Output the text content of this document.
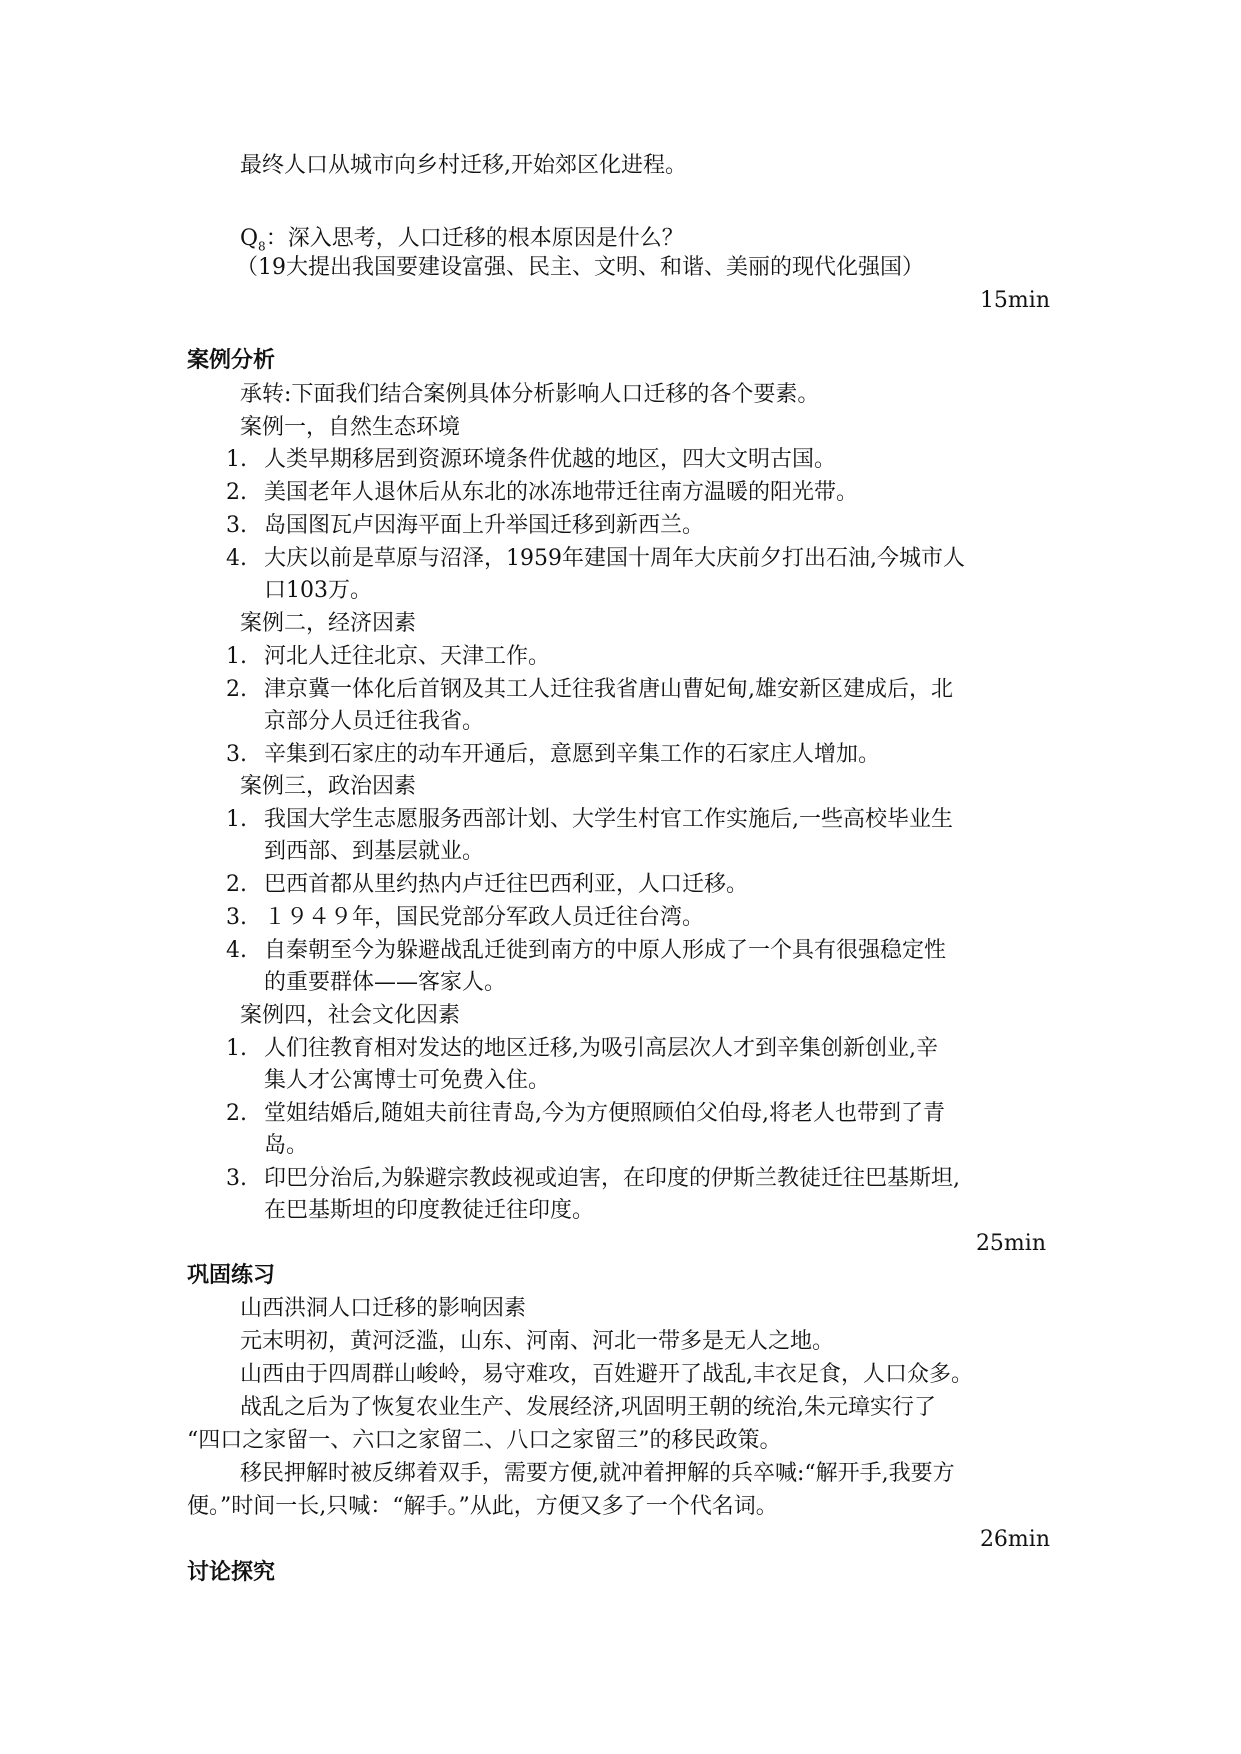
最终人口从城市向乡村迁移,开始郊区化进程。
$Q_8$：深入思考，人口迁移的根本原因是什么？
（19大提出我国要建设富强、民主、文明、和谐、美丽的现代化强国）
15min
案例分析
承转:下面我们结合案例具体分析影响人口迁移的各个要素。
案例一，自然生态环境
1. 人类早期移居到资源环境条件优越的地区，四大文明古国。
2. 美国老年人退休后从东北的冰冻地带迁往南方温暖的阳光带。
3. 岛国图瓦卢因海平面上升举国迁移到新西兰。
4. 大庆以前是草原与沼泽，1959年建国十周年大庆前夕打出石油,今城市人
口103万。
案例二，经济因素
1. 河北人迁往北京、天津工作。
2. 津京冀一体化后首钢及其工人迁往我省唐山曹妃甸,雄安新区建成后，北
京部分人员迁往我省。
3. 辛集到石家庄的动车开通后，意愿到辛集工作的石家庄人增加。
案例三，政治因素
1. 我国大学生志愿服务西部计划、大学生村官工作实施后,一些高校毕业生
到西部、到基层就业。
2. 巴西首都从里约热内卢迁往巴西利亚，人口迁移。
3. １９４９年，国民党部分军政人员迁往台湾。
4. 自秦朝至今为躲避战乱迁徙到南方的中原人形成了一个具有很强稳定性
的重要群体——客家人。
案例四，社会文化因素
1. 人们往教育相对发达的地区迁移,为吸引高层次人才到辛集创新创业,辛
集人才公寓博士可免费入住。
2. 堂姐结婚后,随姐夫前往青岛,今为方便照顾伯父伯母,将老人也带到了青
岛。
3. 印巴分治后,为躲避宗教歧视或迫害，在印度的伊斯兰教徒迁往巴基斯坦,
在巴基斯坦的印度教徒迁往印度。
25min
巩固练习
山西洪洞人口迁移的影响因素
元末明初，黄河泛滥，山东、河南、河北一带多是无人之地。
山西由于四周群山峻岭，易守难攻，百姓避开了战乱,丰衣足食，人口众多。
战乱之后为了恢复农业生产、发展经济,巩固明王朝的统治,朱元璋实行了
“四口之家留一、六口之家留二、八口之家留三”的移民政策。
移民押解时被反绑着双手，需要方便,就冲着押解的兵卒喊:“解开手,我要方
便。”时间一长,只喊：“解手。”从此，方便又多了一个代名词。
26min
讨论探究
